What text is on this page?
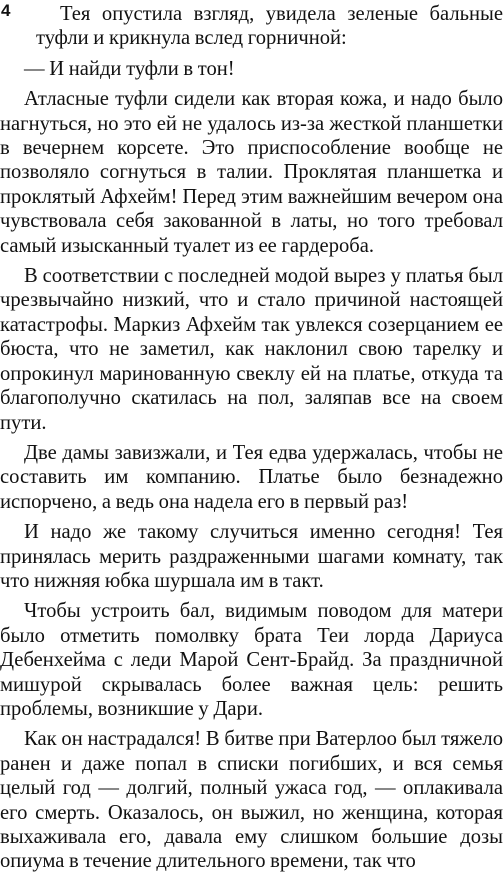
4	Тея опустила взгляд, увидела зеленые бальные туфли и крикнула вслед горничной:

— И найди туфли в тон!

Атласные туфли сидели как вторая кожа, и надо было нагнуться, но это ей не удалось из-за жесткой планшетки в вечернем корсете. Это приспособление вообще не позволяло согнуться в талии. Проклятая планшетка и проклятый Афхейм! Перед этим важнейшим вечером она чувствовала себя закованной в латы, но того требовал самый изысканный туалет из ее гардероба.

В соответствии с последней модой вырез у платья был чрезвычайно низкий, что и стало причиной настоящей катастрофы. Маркиз Афхейм так увлекся созерцанием ее бюста, что не заметил, как наклонил свою тарелку и опрокинул маринованную свеклу ей на платье, откуда та благополучно скатилась на пол, заляпав все на своем пути.

Две дамы завизжали, и Тея едва удержалась, чтобы не составить им компанию. Платье было безнадежно испорчено, а ведь она надела его в первый раз!

И надо же такому случиться именно сегодня! Тея принялась мерить раздраженными шагами комнату, так что нижняя юбка шуршала им в такт.

Чтобы устроить бал, видимым поводом для матери было отметить помолвку брата Теи лорда Дариуса Дебенхейма с леди Марой Сент-Брайд. За праздничной мишурой скрывалась более важная цель: решить проблемы, возникшие у Дари.

Как он настрадался! В битве при Ватерлоо был тяжело ранен и даже попал в списки погибших, и вся семья целый год — долгий, полный ужаса год, — оплакивала его смерть. Оказалось, он выжил, но женщина, которая выхаживала его, давала ему слишком большие дозы опиума в течение длительного времени, так что
